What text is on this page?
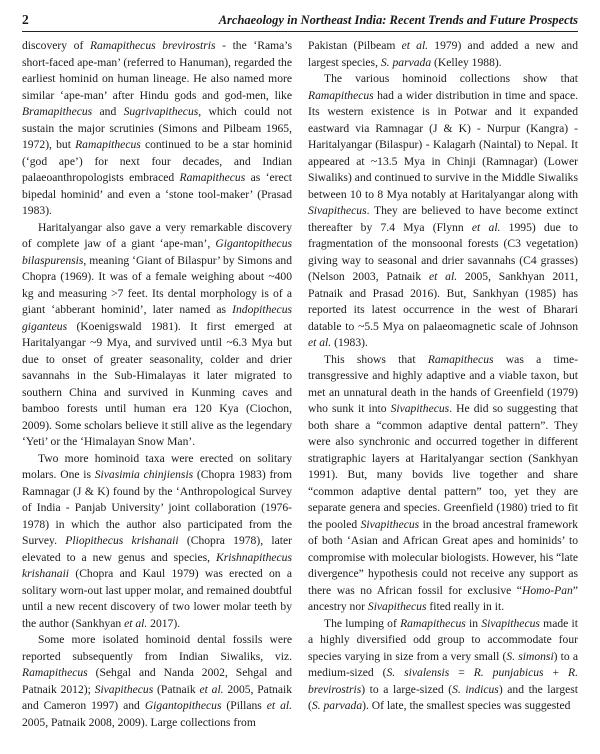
2	Archaeology in Northeast India: Recent Trends and Future Prospects

discovery of Ramapithecus brevirostris - the ‘Rama’s short-faced ape-man’ (referred to Hanuman), regarded the earliest hominid on human lineage. He also named more similar ‘ape-man’ after Hindu gods and god-men, like Bramapithecus and Sugrivapithecus, which could not sustain the major scrutinies (Simons and Pilbeam 1965, 1972), but Ramapithecus continued to be a star hominid (‘god ape’) for next four decades, and Indian palaeoanthropologists embraced Ramapithecus as ‘erect bipedal hominid’ and even a ‘stone tool-maker’ (Prasad 1983).

Haritalyangar also gave a very remarkable discovery of complete jaw of a giant ‘ape-man’, Gigantopithecus bilaspurensis, meaning ‘Giant of Bilaspur’ by Simons and Chopra (1969). It was of a female weighing about ~400 kg and measuring >7 feet. Its dental morphology is of a giant ‘abberant hominid’, later named as Indopithecus giganteus (Koenigswald 1981). It first emerged at Haritalyangar ~9 Mya, and survived until ~6.3 Mya but due to onset of greater seasonality, colder and drier savannahs in the Sub-Himalayas it later migrated to southern China and survived in Kunming caves and bamboo forests until human era 120 Kya (Ciochon, 2009). Some scholars believe it still alive as the legendary ‘Yeti’ or the ‘Himalayan Snow Man’.

Two more hominoid taxa were erected on solitary molars. One is Sivasimia chinjiensis (Chopra 1983) from Ramnagar (J & K) found by the ‘Anthropological Survey of India - Panjab University’ joint collaboration (1976-1978) in which the author also participated from the Survey. Pliopithecus krishanaii (Chopra 1978), later elevated to a new genus and species, Krishnapithecus krishanaii (Chopra and Kaul 1979) was erected on a solitary worn-out last upper molar, and remained doubtful until a new recent discovery of two lower molar teeth by the author (Sankhyan et al. 2017).

Some more isolated hominoid dental fossils were reported subsequently from Indian Siwaliks, viz. Ramapithecus (Sehgal and Nanda 2002, Sehgal and Patnaik 2012); Sivapithecus (Patnaik et al. 2005, Patnaik and Cameron 1997) and Gigantopithecus (Pillans et al. 2005, Patnaik 2008, 2009). Large collections from

Pakistan (Pilbeam et al. 1979) and added a new and largest species, S. parvada (Kelley 1988).

The various hominoid collections show that Ramapithecus had a wider distribution in time and space. Its western existence is in Potwar and it expanded eastward via Ramnagar (J & K) - Nurpur (Kangra) - Haritalyangar (Bilaspur) - Kalagarh (Naintal) to Nepal. It appeared at ~13.5 Mya in Chinji (Ramnagar) (Lower Siwaliks) and continued to survive in the Middle Siwaliks between 10 to 8 Mya notably at Haritalyangar along with Sivapithecus. They are believed to have become extinct thereafter by 7.4 Mya (Flynn et al. 1995) due to fragmentation of the monsoonal forests (C3 vegetation) giving way to seasonal and drier savannahs (C4 grasses) (Nelson 2003, Patnaik et al. 2005, Sankhyan 2011, Patnaik and Prasad 2016). But, Sankhyan (1985) has reported its latest occurrence in the west of Bharari datable to ~5.5 Mya on palaeomagnetic scale of Johnson et al. (1983).

This shows that Ramapithecus was a time-transgressive and highly adaptive and a viable taxon, but met an unnatural death in the hands of Greenfield (1979) who sunk it into Sivapithecus. He did so suggesting that both share a “common adaptive dental pattern”. They were also synchronic and occurred together in different stratigraphic layers at Haritalyangar section (Sankhyan 1991). But, many bovids live together and share “common adaptive dental pattern” too, yet they are separate genera and species. Greenfield (1980) tried to fit the pooled Sivapithecus in the broad ancestral framework of both ‘Asian and African Great apes and hominids’ to compromise with molecular biologists. However, his “late divergence” hypothesis could not receive any support as there was no African fossil for exclusive “Homo-Pan” ancestry nor Sivapithecus fited really in it.

The lumping of Ramapithecus in Sivapithecus made it a highly diversified odd group to accommodate four species varying in size from a very small (S. simonsi) to a medium-sized (S. sivalensis = R. punjabicus + R. brevirostris) to a large-sized (S. indicus) and the largest (S. parvada). Of late, the smallest species was suggested
